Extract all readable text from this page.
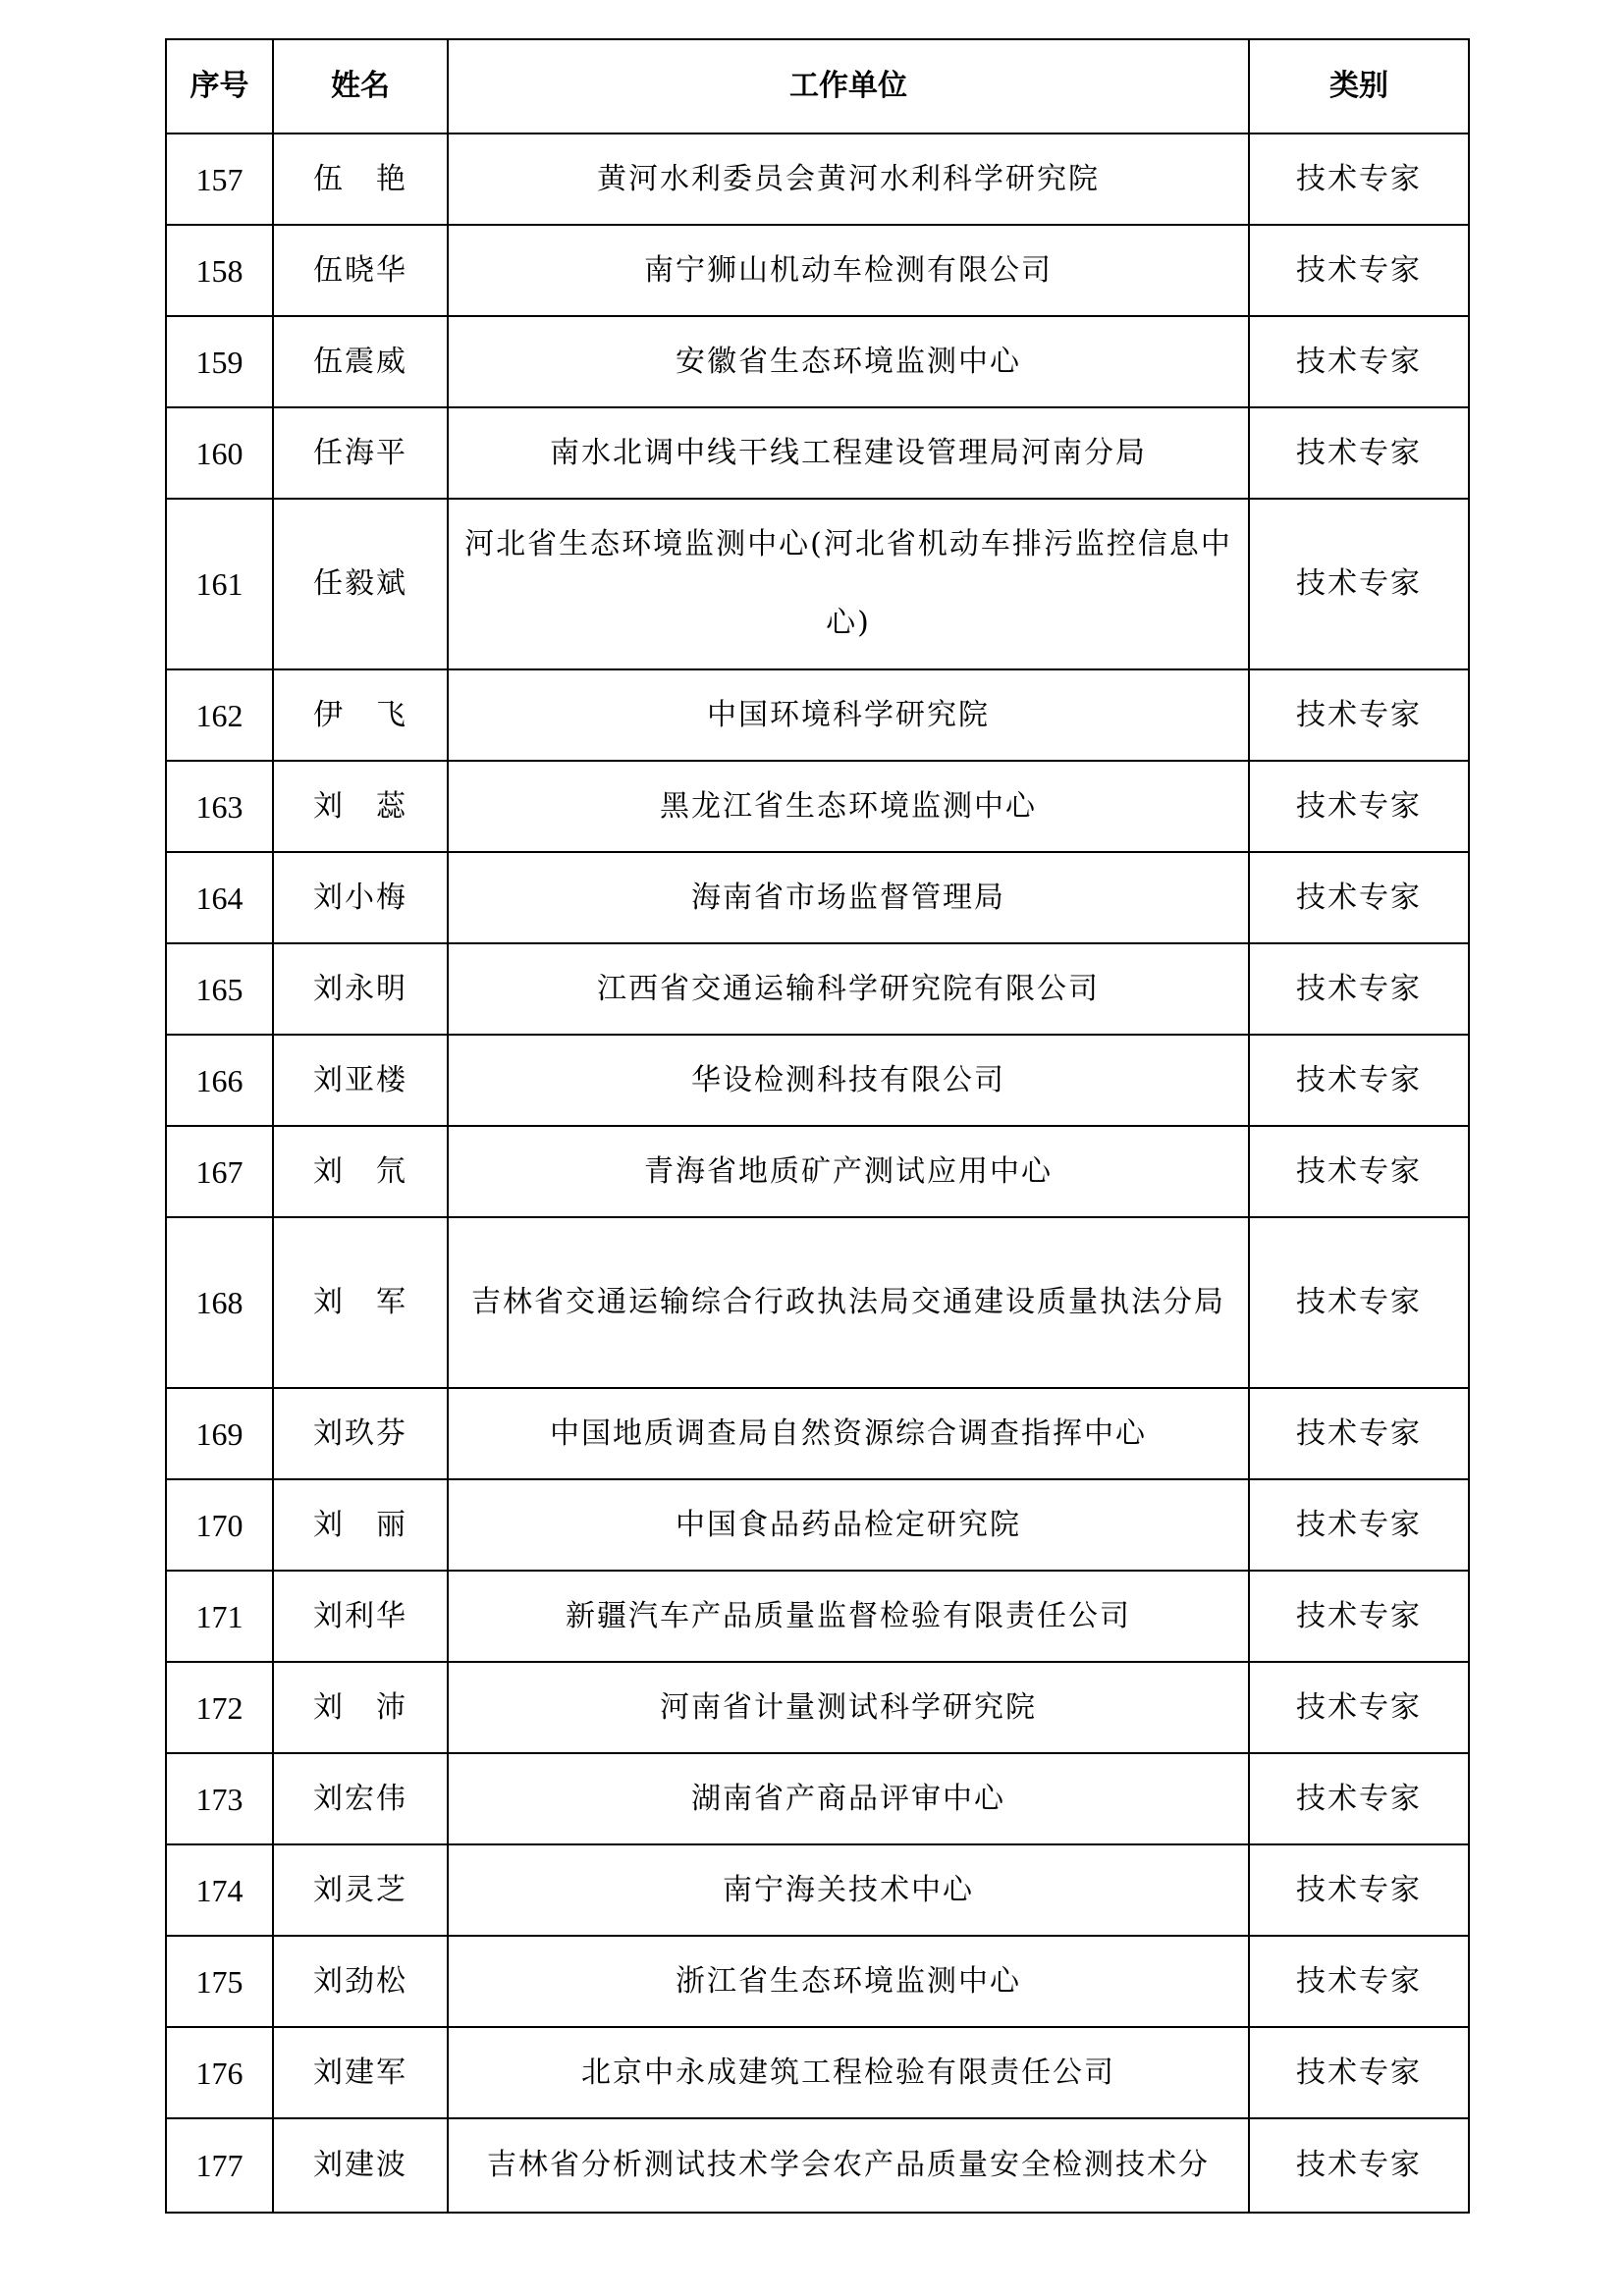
序号	姓名	工作单位	类别
157	伍　艳	黄河水利委员会黄河水利科学研究院	技术专家
158	伍晓华	南宁狮山机动车检测有限公司	技术专家
159	伍震威	安徽省生态环境监测中心	技术专家
160	任海平	南水北调中线干线工程建设管理局河南分局	技术专家
161	任毅斌	河北省生态环境监测中心(河北省机动车排污监控信息中心)	技术专家
162	伊　飞	中国环境科学研究院	技术专家
163	刘　蕊	黑龙江省生态环境监测中心	技术专家
164	刘小梅	海南省市场监督管理局	技术专家
165	刘永明	江西省交通运输科学研究院有限公司	技术专家
166	刘亚楼	华设检测科技有限公司	技术专家
167	刘　氘	青海省地质矿产测试应用中心	技术专家
168	刘　军	吉林省交通运输综合行政执法局交通建设质量执法分局	技术专家
169	刘玖芬	中国地质调查局自然资源综合调查指挥中心	技术专家
170	刘　丽	中国食品药品检定研究院	技术专家
171	刘利华	新疆汽车产品质量监督检验有限责任公司	技术专家
172	刘　沛	河南省计量测试科学研究院	技术专家
173	刘宏伟	湖南省产商品评审中心	技术专家
174	刘灵芝	南宁海关技术中心	技术专家
175	刘劲松	浙江省生态环境监测中心	技术专家
176	刘建军	北京中永成建筑工程检验有限责任公司	技术专家
177	刘建波	吉林省分析测试技术学会农产品质量安全检测技术分	技术专家
